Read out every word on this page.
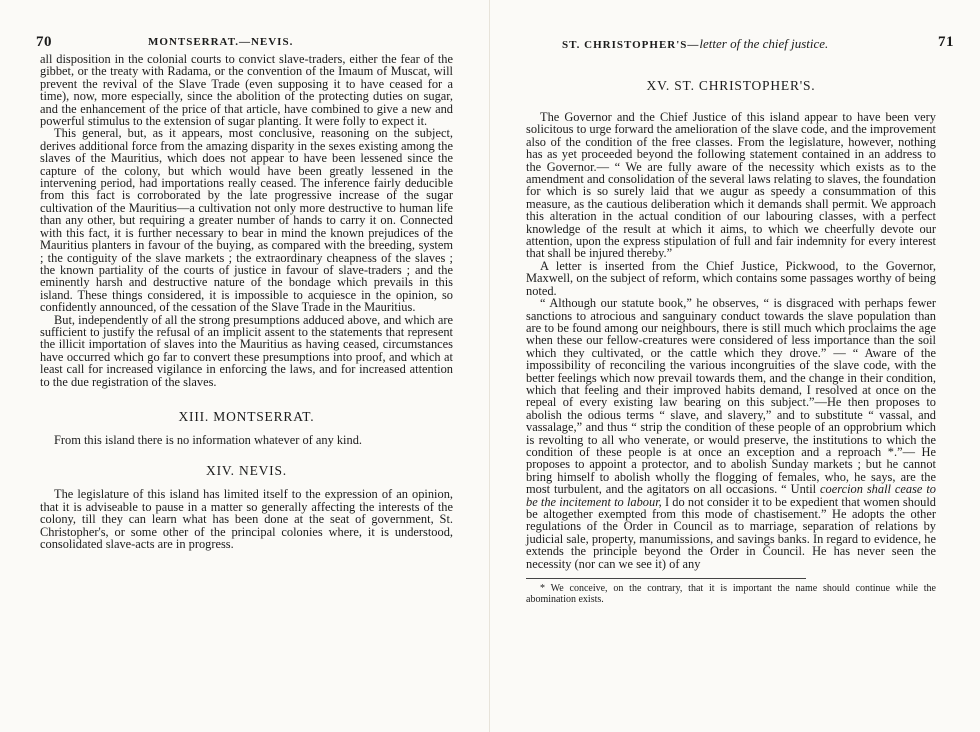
70	MONTSERRAT.—NEVIS.

all disposition in the colonial courts to convict slave-traders, either the fear of the gibbet, or the treaty with Radama, or the convention of the Imaum of Muscat, will prevent the revival of the Slave Trade (even supposing it to have ceased for a time), now, more especially, since the abolition of the protecting duties on sugar, and the enhancement of the price of that article, have combined to give a new and powerful stimulus to the extension of sugar planting. It were folly to expect it.

This general, but, as it appears, most conclusive, reasoning on the subject, derives additional force from the amazing disparity in the sexes existing among the slaves of the Mauritius, which does not appear to have been lessened since the capture of the colony, but which would have been greatly lessened in the intervening period, had importations really ceased. The inference fairly deducible from this fact is corroborated by the late progressive increase of the sugar cultivation of the Mauritius—a cultivation not only more destructive to human life than any other, but requiring a greater number of hands to carry it on. Connected with this fact, it is further necessary to bear in mind the known prejudices of the Mauritius planters in favour of the buying, as compared with the breeding, system ; the contiguity of the slave markets ; the extraordinary cheapness of the slaves ; the known partiality of the courts of justice in favour of slave-traders ; and the eminently harsh and destructive nature of the bondage which prevails in this island. These things considered, it is impossible to acquiesce in the opinion, so confidently announced, of the cessation of the Slave Trade in the Mauritius.

But, independently of all the strong presumptions adduced above, and which are sufficient to justify the refusal of an implicit assent to the statements that represent the illicit importation of slaves into the Mauritius as having ceased, circumstances have occurred which go far to convert these presumptions into proof, and which at least call for increased vigilance in enforcing the laws, and for increased attention to the due registration of the slaves.

XIII. MONTSERRAT.

From this island there is no information whatever of any kind.

XIV. NEVIS.

The legislature of this island has limited itself to the expression of an opinion, that it is adviseable to pause in a matter so generally affecting the interests of the colony, till they can learn what has been done at the seat of government, St. Christopher's, or some other of the principal colonies where, it is understood, consolidated slave-acts are in progress.

ST. CHRISTOPHER'S—letter of the chief justice.	71
XV. ST. CHRISTOPHER'S.

The Governor and the Chief Justice of this island appear to have been very solicitous to urge forward the amelioration of the slave code, and the improvement also of the condition of the free classes. From the legislature, however, nothing has as yet proceeded beyond the following statement contained in an address to the Governor.— “ We are fully aware of the necessity which exists as to the amendment and consolidation of the several laws relating to slaves, the foundation for which is so surely laid that we augur as speedy a consummation of this measure, as the cautious deliberation which it demands shall permit. We approach this alteration in the actual condition of our labouring classes, with a perfect knowledge of the result at which it aims, to which we cheerfully devote our attention, upon the express stipulation of full and fair indemnity for every interest that shall be injured thereby.”

A letter is inserted from the Chief Justice, Pickwood, to the Governor, Maxwell, on the subject of reform, which contains some passages worthy of being noted.

“ Although our statute book,” he observes, “ is disgraced with perhaps fewer sanctions to atrocious and sanguinary conduct towards the slave population than are to be found among our neighbours, there is still much which proclaims the age when these our fellow-creatures were considered of less importance than the soil which they cultivated, or the cattle which they drove.” — “ Aware of the impossibility of reconciling the various incongruities of the slave code, with the better feelings which now prevail towards them, and the change in their condition, which that feeling and their improved habits demand, I resolved at once on the repeal of every existing law bearing on this subject.”—He then proposes to abolish the odious terms “ slave, and slavery,” and to substitute “ vassal, and vassalage,” and thus “ strip the condition of these people of an opprobrium which is revolting to all who venerate, or would preserve, the institutions to which the condition of these people is at once an exception and a reproach *.”— He proposes to appoint a protector, and to abolish Sunday markets ; but he cannot bring himself to abolish wholly the flogging of females, who, he says, are the most turbulent, and the agitators on all occasions. “ Until coercion shall cease to be the incitement to labour, I do not consider it to be expedient that women should be altogether exempted from this mode of chastisement.” He adopts the other regulations of the Order in Council as to marriage, separation of relations by judicial sale, property, manumissions, and savings banks. In regard to evidence, he extends the principle beyond the Order in Council. He has never seen the necessity (nor can we see it) of any

* We conceive, on the contrary, that it is important the name should continue while the abomination exists.
